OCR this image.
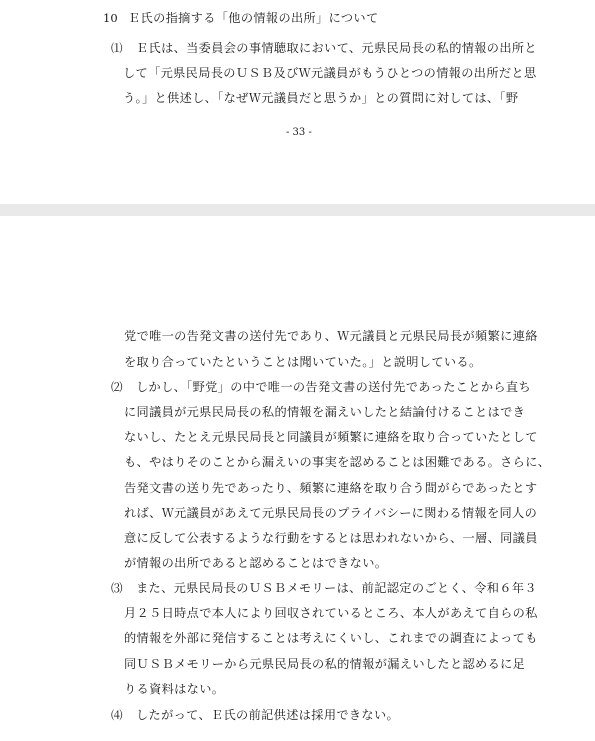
10 Ｅ氏の指摘する「他の情報の出所」について
⑴ Ｅ氏は、当委員会の事情聴取において、元県民局長の私的情報の出所と
して「元県民局長のＵＳＢ及びＷ元議員がもうひとつの情報の出所だと思
う。」と供述し、「なぜＷ元議員だと思うか」との質問に対しては、「野
- 33 -
党で唯一の告発文書の送付先であり、Ｗ元議員と元県民局長が頻繁に連絡
を取り合っていたということは聞いていた。」と説明している。
⑵ しかし、「野党」の中で唯一の告発文書の送付先であったことから直ち
に同議員が元県民局長の私的情報を漏えいしたと結論付けることはでき
ないし、たとえ元県民局長と同議員が頻繁に連絡を取り合っていたとして
も、やはりそのことから漏えいの事実を認めることは困難である。さらに、
告発文書の送り先であったり、頻繁に連絡を取り合う間がらであったとす
れば、Ｗ元議員があえて元県民局長のプライバシーに関わる情報を同人の
意に反して公表するような行動をするとは思われないから、一層、同議員
が情報の出所であると認めることはできない。
⑶ また、元県民局長のＵＳＢメモリーは、前記認定のごとく、令和６年３
月２５日時点で本人により回収されているところ、本人があえて自らの私
的情報を外部に発信することは考えにくいし、これまでの調査によっても
同ＵＳＢメモリーから元県民局長の私的情報が漏えいしたと認めるに足
りる資料はない。
⑷ したがって、Ｅ氏の前記供述は採用できない。
